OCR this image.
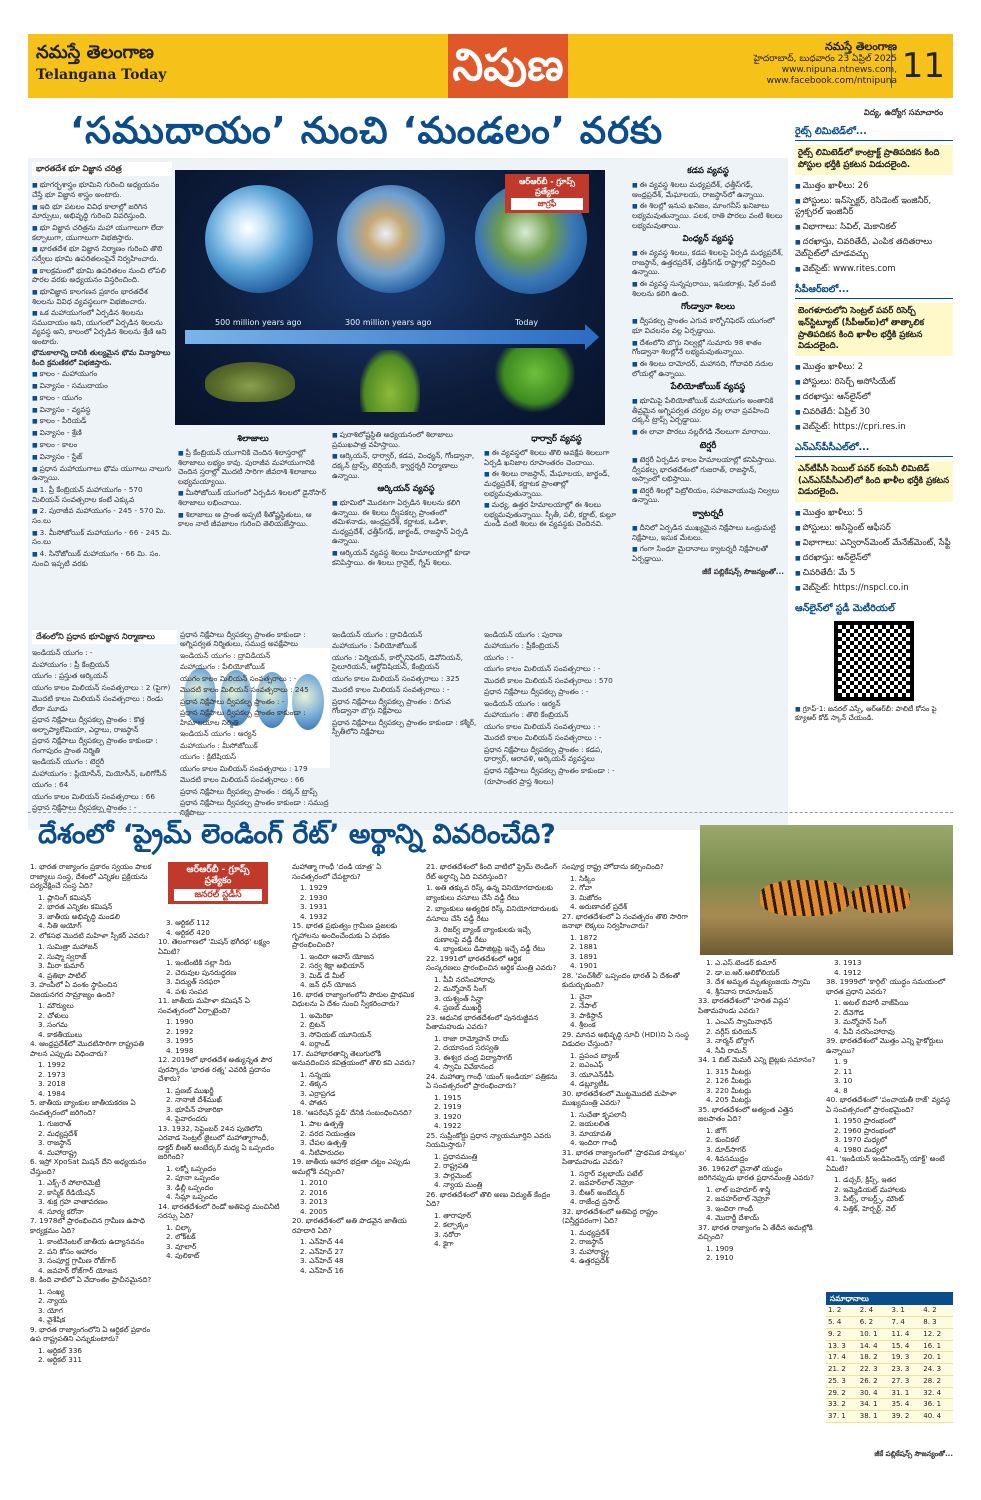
నమస్తే తెలంగాణ
Telangana Today	నిపుణ	నమస్తే తెలంగాణ
హైదరాబాద్, బుధవారం 23 ఏప్రిల్ 2025
www.nipuna.ntnews.com,
www.facebook.com/ntnipuna 11
‘సముదాయం’ నుంచి ‘మండలం’ వరకు
భారతదేశ భూ విజ్ఞాన చరిత్ర

■ భూగర్భశాస్త్రం భూమిని గురించి అధ్యయనం చేస్తే భూ విజ్ఞాన శాస్త్రం అంటారు.

■ ఇది భూ పటలం వివిధ కాలాల్లో జరిగిన మార్పులు, అభివృద్ధి గురించి వివరిస్తుంది.

■ భూ విజ్ఞాన చరిత్రను మహా యుగాలుగా లేదా కల్పాలుగా, యుగాలుగా విభజిస్తారు.

■ భారతదేశ భూ విజ్ఞాన నిర్మాణం గురించి తొలి సర్వేలు భూమి ఉపరితలంపైనే నిర్వహించారు.

■ కాలక్రమంలో భూమి ఉపరితలం నుంచి లోపలి పొరల వరకు అధ్యయనం విస్తరించింది.

■ భూవిజ్ఞాన కాలగణన ప్రకారం భారతదేశ శిలలను వివిధ వ్యవస్థలుగా విభజించారు.

■ ఒక మహాయుగంలో ఏర్పడిన శిలలను సముదాయం అని, యుగంలో ఏర్పడిన శిలలను వ్యవస్థ అని, కాలంలో ఏర్పడిన శిలలను శ్రేణి అని అంటారు.

భౌమకాలాన్ని దానికి తుల్యమైన భౌమ విన్యాసాలు కింది క్రమణికలో విభజిస్తారు.

■ కాలం - మహాయుగం

■ విన్యాసం - సముదాయం

■ కాలం - యుగం

■ విన్యాసం - వ్యవస్థ

■ కాలం - పీరియడ్

■ విన్యాసం - శ్రేణి

■ కాలం - కాలం

■ విన్యాసం - స్టేజ్

■ ప్రధాన మహాయుగాలు భౌమ యుగాలు నాలుగు ఉన్నాయి.

■ 1. ప్రీ కేంబ్రియన్ మహాయుగం - 570 మిలియన్ సంవత్సరాల కంటే ఎక్కువ

■ 2. పురాజీవ మహాయుగం - 245 - 570 మి. సం.లు

■ 3. మీసోజోయిక్ మహాయుగం - 66 - 245 మి. సం.లు

■ 4. సినోజోయిక్ మహాయుగం - 66 మి. సం. నుంచి ఇప్పటి వరకు

500 million years ago	300 million years ago	Today
ఆర్ఆర్‌బీ - గ్రూప్స్ ప్రత్యేకం
జాగ్రఫీ
శిలాజాలు

■ ప్రీ కేంబ్రియన్ యుగానికి చెందిన శిలాస్తరాల్లో శిలాజాలు లభ్యం కావు. పురాజీవ మహాయుగానికి చెందిన స్తరాల్లో మొదటి సారిగా జీవరాశి శిలాజాలు లభ్యమయ్యాయి.

■ మీసోజోయిక్ యుగంలో ఏర్పడిన శిలలలో డైనోసార్ శిలాజాలు లభించాయి.

■ శిలాజాలు ఆ ప్రాంత అప్పటి శీతోష్ణస్థితులు, ఆ కాలం నాటి జీవజాలం గురించి తెలియజేస్తాయి.

■ పురాశిలోష్టస్థితి అధ్యయనంలో శిలాజాలు ప్రముఖపాత్ర వహిస్తాయి.

■ ఆర్కియన్, ధార్వార్, కడప, వింధ్యన్, గోండ్వానా, దక్కన్ ట్రాప్స్, టెర్షియరీ, క్వార్టర్నరీ నిర్మాణాలు ఉన్నాయి.

ఆర్కియన్ వ్యవస్థ

■ భూమిలో మొదటగా ఏర్పడిన శిలలను కలిగి ఉన్నాయి. ఈ శిలలు ద్వీపకల్ప ప్రాంతంలో తమిళనాడు, ఆంధ్రప్రదేశ్, కర్ణాటక, ఒడిశా, మధ్యప్రదేశ్, ఛత్తీస్‌గఢ్, జార్ఖండ్, రాజస్థాన్ ఏర్పడి ఉన్నాయి.

■ ఆర్కియన్ వ్యవస్థ శిలలు హిమాలయాల్లో కూడా కనిపిస్తాయి. ఈ శిలలు గ్రానైట్, గ్నీస్ శిలలు.

ధార్వార్ వ్యవస్థ

■ ఈ వ్యవస్థలో శిలలు తొలి అవక్షేప శిలలుగా ఏర్పడి ఖనిజాల రూపాంతరం చెందాయి.

■ ఈ శిలలు రాజస్థాన్, మేఘాలయ, జార్ఖండ్, మధ్యప్రదేశ్, కర్ణాటక ప్రాంతాల్లో లభ్యమవుతున్నాయి.

■ మధ్య, ఉత్తర హిమాలయాల్లో ఈ శిలలు లభ్యమవుతున్నాయి. స్పీతీ, పలీ, కర్ణాట్, కుల్లూ మండీ వంటి శిలలు ఈ వ్యవస్థకు చెందినవి.

కడప వ్యవస్థ

■ ఈ వ్యవస్థ శిలలు మధ్యప్రదేశ్, ఛత్తీస్‌గఢ్, ఆంధ్రప్రదేశ్, మేఘాలయ, రాజస్థాన్‌లో ఉన్నాయి.

■ ఈ శిలల్లో ఇనుప ఖనిజం, మాంగనీస్ ఖనిజాలు లభ్యమవుతున్నాయి. పలక, రాతి పొరలు వంటి శిలలు లభ్యమవుతాయి.

వింధ్యన్ వ్యవస్థ

■ ఈ వ్యవస్థ శిలలు, కడప శిలలపై ఏర్పడి మధ్యప్రదేశ్, రాజస్థాన్, ఉత్తరప్రదేశ్, ఛత్తీస్‌గఢ్ రాష్ట్రాల్లో విస్తరించి ఉన్నాయి.

■ ఈ వ్యవస్థ సున్నపురాయి, ఇసుకరాళ్లు, షేల్ వంటి శిలలను కలిగి ఉంది.

గోండ్వానా శిలలు

■ ద్వీపకల్ప ప్రాంతం ఎగువ కార్బోనిఫెరస్ యుగంలో భూ విచలనం వల్ల ఏర్పడ్డాయి.

■ దేశంలోని బొగ్గు నిల్వల్లో సుమారు 98 శాతం గోండ్వానా శిలల్లోనే లభ్యమవుతున్నాయి.

■ ఈ శిలలు దామోదర్, మహానది, గోదావరి నదుల లోయల్లో ఉన్నాయి.

పేలియోజోయిక్ వ్యవస్థ

■ భూమిపై పేలియోజోయిక్ మహాయుగం అంతానికి తీవ్రమైన అగ్నిపర్వత చర్యల వల్ల లావా ప్రవహించి దక్కన్ ట్రాప్స్ ఏర్పడ్డాయి.

■ ఈ లావా పొరలు నల్లరేగడి నేలలుగా మారాయి.

టెర్షరీ

■ టెర్షరీ ఏర్పడిన కాలం హిమాలయాల్లో కనిపిస్తాయి. ద్వీపకల్ప భారతదేశంలో గుజరాత్, రాజస్థాన్, అస్సాంలో లభిస్తాయి.

■ టెర్షరీ శిలల్లో పెట్రోలియం, సహజవాయువు నిల్వలు ఉన్నాయి.

క్వాటర్నరీ

■ దీనిలో ఏర్పడిన ముఖ్యమైన నిక్షేపాలు ఒండ్రుమట్టి నిక్షేపాలు, ఇసుక మేటలు.

■ గంగా సింధూ మైదానాలు క్వాటర్నరీ నిక్షేపాలతో ఏర్పడ్డాయి.

జీకే పబ్లికేషన్స్ సౌజన్యంతో...
దేశంలోని ప్రధాన భూవిజ్ఞాన నిర్మాణాలు

ఇండియన్ యుగం : -

మహాయుగం : ప్రీ కేంబ్రియన్

యుగం : ప్రస్తుత ఆర్కియన్

యుగం కాలం మిలియన్ సంవత్సరాలు : 2 (పైగా)

మొదటి కాలం మిలియన్ సంవత్సరాలు : రెండు లేదా మూడు

ప్రధాన నిక్షేపాలు ద్వీపకల్ప ప్రాంతం : కొత్త అల్బాప్యాలేమియా, ఎద్దాలు, రాజస్థాన్

ప్రధాన నిక్షేపాలు ద్వీపకల్ప ప్రాంతం కాకుండా : గంగాపురం ప్రాంత నిర్మితి

ఇండియన్ యుగం : టెర్షరీ

మహాయుగం : ప్లియోసీన్, మియోసీన్, ఒలిగోసీన్

యుగం : 64

యుగం కాలం మిలియన్ సంవత్సరాలు : 66

ప్రధాన నిక్షేపాలు ద్వీపకల్ప ప్రాంతం : -

ప్రధాన నిక్షేపాలు ద్వీపకల్ప ప్రాంతం కాకుండా : అగ్నిపర్వత నిర్మితులు, సముద్ర అవక్షేపాలు

ఇండియన్ యుగం : ద్రావిడియన్

మహాయుగం : పేలియోజోయిక్

యుగం కాలం మిలియన్ సంవత్సరాలు : -

మొదటి కాలం మిలియన్ సంవత్సరాలు : 245

ప్రధాన నిక్షేపాలు ద్వీపకల్ప ప్రాంతం : -

ప్రధాన నిక్షేపాలు ద్వీపకల్ప ప్రాంతం కాకుండా : హిమాలయాల నిర్మితి

ఇండియన్ యుగం : ఆర్యన్

మహాయుగం : మీసోజోయిక్

యుగం : క్రిటేషియస్

యుగం కాలం మిలియన్ సంవత్సరాలు : 179

మొదటి కాలం మిలియన్ సంవత్సరాలు : 66

ప్రధాన నిక్షేపాలు ద్వీపకల్ప ప్రాంతం : దక్కన్ ట్రాప్స్

ప్రధాన నిక్షేపాలు ద్వీపకల్ప ప్రాంతం కాకుండా : సముద్ర నిక్షేపాలు

ఇండియన్ యుగం : ద్రావిడియన్

మహాయుగం : పేలియోజోయిక్

యుగం : పెర్మియన్, కార్బోనిఫెరస్, డెవోనియన్, సైలూరియన్, ఆర్డోవిషియన్, కేంబ్రియన్

యుగం కాలం మిలియన్ సంవత్సరాలు : 325

మొదటి కాలం మిలియన్ సంవత్సరాలు : -

ప్రధాన నిక్షేపాలు ద్వీపకల్ప ప్రాంతం : దిగువ గోండ్వానా బొగ్గు నిక్షేపాలు

ప్రధాన నిక్షేపాలు ద్వీపకల్ప ప్రాంతం కాకుండా : కశ్మీర్, స్పీతీలోని నిక్షేపాలు

ఇండియన్ యుగం : పురాణ

మహాయుగం : ప్రీకేంబ్రియన్

యుగం : -

యుగం కాలం మిలియన్ సంవత్సరాలు : -

మొదటి కాలం మిలియన్ సంవత్సరాలు : 570

ప్రధాన నిక్షేపాలు ద్వీపకల్ప ప్రాంతం : -

ఇండియన్ యుగం : ఆర్యన్

మహాయుగం : తొలి కేంబ్రియన్

యుగం కాలం మిలియన్ సంవత్సరాలు : -

మొదటి కాలం మిలియన్ సంవత్సరాలు : -

ప్రధాన నిక్షేపాలు ద్వీపకల్ప ప్రాంతం : కడప, ధార్వార్, ఆరావళి, అర్కియన్ వ్యవస్థలు

ప్రధాన నిక్షేపాలు ద్వీపకల్ప ప్రాంతం కాకుండా : -

(రూపాంతర ప్రాప్త శిలలు)

విద్య, ఉద్యోగ సమాచారం
రైట్స్ లిమిటెడ్‌లో...
రైట్స్ లిమిటెడ్‌లో కాంట్రాక్ట్ ప్రాతిపదికన కింది పోస్టుల భర్తీకి ప్రకటన విడుదలైంది.
■ మొత్తం ఖాళీలు: 26
■ పోస్టులు: ఇన్‌స్పెక్టర్, రెసిడెంట్ ఇంజినీర్, స్ట్రక్చరల్ ఇంజినీర్
■ విభాగాలు: సివిల్, మెకానికల్
■ దరఖాస్తు, చివరితేదీ, ఎంపిక తదితరాలు వెబ్‌సైట్‌లో చూడవచ్చు
■ వెబ్‌సైట్: www.rites.com
సీపీఆర్‌ఐలో...
బెంగళూరులోని సెంట్రల్ పవర్ రిసెర్చ్ ఇన్‌స్టిట్యూట్ (సీపీఆర్‌ఐ)లో తాత్కాలిక ప్రాతిపదికన కింది ఖాళీల భర్తీకి ప్రకటన విడుదలైంది.
■ మొత్తం ఖాళీలు: 2
■ పోస్టులు: రిసెర్చ్ అసోసియేట్
■ దరఖాస్తు: ఆన్‌లైన్‌లో
■ చివరితేదీ: ఏప్రిల్ 30
■ వెబ్‌సైట్: https://cpri.res.in
ఎన్‌ఎస్‌పీసీఎల్‌లో...
ఎన్‌టీపీసీ సెయిల్ పవర్ కంపెనీ లిమిటెడ్ (ఎన్‌ఎస్‌పీసీఎల్)లో కింది ఖాళీల భర్తీకి ప్రకటన విడుదలైంది.
■ మొత్తం ఖాళీలు: 5
■ పోస్టులు: అసిస్టెంట్ ఆఫీసర్
■ విభాగాలు: ఎన్విరాన్‌మెంట్ మేనేజ్‌మెంట్, సేఫ్టీ
■ దరఖాస్తు: ఆన్‌లైన్‌లో
■ చివరితేదీ: మే 5
■ వెబ్‌సైట్: https://nspcl.co.in
ఆన్‌లైన్‌లో స్టడీ మెటీరియల్
■ గ్రూప్-1: జనరల్ ఎస్సే, ఆర్ఆర్‌బీ: పాలిటీ కోసం పై క్యూఆర్ కోడ్ స్కాన్ చేయండి.
దేశంలో ‘ప్రైమ్ లెండింగ్ రేట్’ అర్థాన్ని వివరించేది?
1. భారత రాజ్యాంగం ప్రకారం స్వయం పాలక రాజ్యాలు సంస్థ, దేశంలో ఎన్నికల ప్రక్రియను పర్యవేక్షించే సంస్థ ఏది?
1. ప్లానింగ్ కమిషన్
2. భారత ఎన్నికల కమిషన్
3. జాతీయ అభివృద్ధి మండలి
4. నీతి ఆయోగ్
2. లోకసభ మొదటి మహిళా స్పీకర్ ఎవరు?
1. సుమిత్రా మహాజన్
2. సుష్మా స్వరాజ్
3. మీరా కుమార్
4. ప్రతిభా పాటిల్
3. హంపీలో ఏ వంశం స్థాపించిన విజయనగర సామ్రాజ్యం ఉంది?
1. మౌర్యులు
2. చోళులు
3. సంగమ
4. కాకతీయులు
4. ఆంధ్రప్రదేశ్‌లో మొదటిసారిగా రాష్ట్రపతి పాలన ఎప్పుడు విధించారు?
1. 1992
2. 1973
3. 2018
4. 1984
5. జాతీయ బ్యాంకుల జాతీయకరణ ఏ సంవత్సరంలో జరిగింది?
1. గుజరాత్
2. మధ్యప్రదేశ్
3. రాజస్థాన్
4. మహారాష్ట్ర
6. ఇస్రో XpoSat మిషన్ దేని అధ్యయనం చేస్తుంది?
1. ఎక్స్-రే పోలారిమెట్రీ
2. కాస్మిక్ రేడియేషన్
3. శుక్ర గ్రహ వాతావరణం
4. సూర్య కరోనా
7. 1978లో ప్రారంభించిన గ్రామీణ ఉపాధి కార్యక్రమం ఏది?
1. కాంటినెంటల్ జాతీయ ఉద్యానవనం
2. పని కోసం ఆహారం
3. సంపూర్ణ గ్రామీణ రోజ్‌గార్
4. జవహర్ రోజ్‌గార్ యోజన
8. కింది వాటిలో ఏ వేదాంతం ప్రాచీనమైనది?
1. సంఖ్య
2. న్యాయ
3. యోగ
4. వైశేషిక
9. భారత రాజ్యాంగంలోని ఏ ఆర్టికల్ ప్రకారం ఉప రాష్ట్రపతిని ఎన్నుకుంటారు?
1. ఆర్టికల్ 336
2. ఆర్టికల్ 311
ఆర్ఆర్‌బీ - గ్రూప్స్ ప్రత్యేకం
జనరల్ స్టడీస్
3. ఆర్టికల్ 112
4. ఆర్టికల్ 420
10. తెలంగాణలో 'మిషన్ భగీరథ' లక్ష్యం ఏమిటి?
1. ఇంటింటికి నల్లా నీరు
2. చెరువుల పునరుద్ధరణ
3. విద్యుత్ సరఫరా
4. పశు సంపద
11. జాతీయ మహిళా కమిషన్ ఏ సంవత్సరంలో ఏర్పాటైంది?
1. 1990
2. 1992
3. 1995
4. 1998
12. 2019లో భారతదేశ అత్యున్నత పౌర పురస్కారం 'భారత రత్న' ఎవరికి ప్రదానం చేశారు?
1. ప్రణబ్ ముఖర్జీ
2. నానాజీ దేశ్‌ముఖ్
3. భూపేన్ హజారికా
4. పైవారందరు
13. 1932, సెప్టెంబర్ 24న పుణెలోని ఎరవాడ సెంట్రల్ జైలులో మహాత్మాగాంధీ, డాక్టర్ బీఆర్ అంబేద్కర్ మధ్య ఏ ఒప్పందం జరిగింది?
1. లక్నో ఒప్పందం
2. పూనా ఒప్పందం
3. ఢిల్లీ ఒప్పందం
4. సిమ్లా ఒప్పందం
14. భారతదేశంలో రెండో అతిపెద్ద మంచినీటి సరస్సు ఏది?
1. చిల్కా
2. లోక్‌టక్
3. వూలార్
4. పులికాట్
మహాత్మా గాంధీ 'దండి యాత్ర' ఏ సంవత్సరంలో చేపట్టారు?
1. 1929
2. 1930
3. 1931
4. 1932
15. భారత ప్రభుత్వం గ్రామీణ ప్రజలకు గృహాలను అందించేందుకు ఏ పథకం ప్రారంభించింది?
1. ఇందిరా ఆవాస్ యోజన
2. సర్వ శిక్షా అభియాన్
3. మిడ్ డే మీల్
4. జన్ ధన్ యోజన
16. భారత రాజ్యాంగంలోని పౌరుల ప్రాథమిక విధులను ఏ దేశం నుంచి స్వీకరించారు?
1. అమెరికా
2. బ్రిటన్
3. సోవియట్ యూనియన్
4. ఐర్లాండ్
17. మహాభారతాన్ని తెలుగులోకి అనువదించిన కవిత్రయంలో తొలి కవి ఎవరు?
1. నన్నయ
2. తిక్కన
3. ఎర్రాప్రగడ
4. పోతన
18. 'ఆపరేషన్ ఫ్లడ్' దేనికి సంబంధించినది?
1. పాల ఉత్పత్తి
2. వరద నియంత్రణ
3. చేపల ఉత్పత్తి
4. నీటిపారుదల
19. జాతీయ ఆహార భద్రతా చట్టం ఎప్పుడు అమల్లోకి వచ్చింది?
1. 2010
2. 2016
3. 2013
4. 2005
20. భారతదేశంలో అతి పొడవైన జాతీయ రహదారి ఏది?
1. ఎన్‌హెచ్ 44
2. ఎన్‌హెచ్ 27
3. ఎన్‌హెచ్ 48
4. ఎన్‌హెచ్ 16
21. భారతదేశంలో కింది వాటిలో ప్రైమ్ లెండింగ్ రేట్ అర్థాన్ని ఏది వివరిస్తుంది?
1. అతి తక్కువ రిస్క్ ఉన్న వినియోగదారులకు బ్యాంకులు వసూలు చేసే వడ్డీ రేటు
2. బ్యాంకులు అత్యధిక రిస్క్ వినియోగదారులకు వసూలు చేసే వడ్డీ రేటు
3. రిజర్వ్ బ్యాంక్ బ్యాంకులకు ఇచ్చే రుణాలపై వడ్డీ రేటు
4. బ్యాంకులు డిపాజిట్లపై ఇచ్చే వడ్డీ రేటు
22. 1991లో భారతదేశంలో ఆర్థిక సంస్కరణలు ప్రారంభించిన ఆర్థిక మంత్రి ఎవరు?
1. పీవీ నరసింహారావు
2. మన్మోహన్ సింగ్
3. యశ్వంత్ సిన్హా
4. ప్రణబ్ ముఖర్జీ
23. ఆధునిక భారతదేశంలో పునరుజ్జీవన పితామహుడు ఎవరు?
1. రాజా రామ్మోహన్ రాయ్
2. దయానంద సరస్వతి
3. ఈశ్వర చంద్ర విద్యాసాగర్
4. స్వామి వివేకానంద
24. మహాత్మా గాంధీ 'యంగ్ ఇండియా' పత్రికను ఏ సంవత్సరంలో ప్రారంభించారు?
1. 1915
2. 1919
3. 1920
4. 1922
25. సుప్రీంకోర్టు ప్రధాన న్యాయమూర్తిని ఎవరు నియమిస్తారు?
1. ప్రధానమంత్రి
2. రాష్ట్రపతి
3. పార్లమెంట్
4. న్యాయ మంత్రి
26. భారతదేశంలో తొలి అణు విద్యుత్ కేంద్రం ఏది?
1. తారాపూర్
2. కల్పాక్కం
3. నరోరా
4. కైగా
సంపూర్ణ రాష్ట్ర హోదాను కల్పించింది?
1. సిక్కిం
2. గోవా
3. మిజోరం
4. అరుణాచల్ ప్రదేశ్
27. భారతదేశంలో ఏ సంవత్సరం తొలి సారిగా జనాభా లెక్కలు నిర్వహించారు?
1. 1872
2. 1881
3. 1891
4. 1901
28. 'పంచ్‌శీల్' ఒప్పందం భారత్ ఏ దేశంతో కుదుర్చుకుంది?
1. చైనా
2. నేపాల్
3. పాకిస్థాన్
4. శ్రీలంక
29. మానవ అభివృద్ధి సూచీ (HDI)ని ఏ సంస్థ విడుదల చేస్తుంది?
1. ప్రపంచ బ్యాంక్
2. ఐఎంఎఫ్
3. యూఎన్‌డీపీ
4. డబ్ల్యూటీఓ
30. భారతదేశంలో మొట్టమొదటి మహిళా ముఖ్యమంత్రి ఎవరు?
1. సుచేతా కృపలానీ
2. జయలలిత
3. మాయావతి
4. ఇందిరా గాంధీ
31. భారత రాజ్యాంగంలో 'ప్రాథమిక హక్కుల' పితామహుడు ఎవరు?
1. సర్దార్ వల్లభాయ్ పటేల్
2. జవహర్‌లాల్ నెహ్రూ
3. బీఆర్ అంబేద్కర్
4. రాజేంద్ర ప్రసాద్
32. భారతదేశంలో అతిపెద్ద రాష్ట్రం (విస్తీర్ణపరంగా) ఏది?
1. మధ్యప్రదేశ్
2. రాజస్థాన్
3. మహారాష్ట్ర
4. ఉత్తరప్రదేశ్
1. ఎ.ఎస్.టెండర్ కుమార్
2. డా.ఐ.ఆర్.అలికోలియర్
3. దేశ అమృత మృత్యుంజయ స్వామి
4. శ్రీనివాస రామానుజన్
33. భారతదేశంలో 'హరిత విప్లవ' పితామహుడు ఎవరు?
1. ఎంఎస్ స్వామినాథన్
2. వర్గీస్ కురియన్
3. నార్మన్ బోర్లాగ్
4. సీవీ రామన్
34. 1 బిట్ మెమరీ ఎన్ని బైట్లకు సమానం?
1. 315 మీటర్లు
2. 126 మీటర్లు
3. 220 మీటర్లు
4. 205 మీటర్లు
35. భారతదేశంలో అత్యంత ఎత్తైన జలపాతం ఏది?
1. జోగ్
2. కుంచికల్
3. దూద్‌సాగర్
4. శివసముద్రం
36. 1962లో చైనాతో యుద్ధం జరిగినప్పుడు భారత ప్రధానమంత్రి ఎవరు?
1. లాల్ బహదూర్ శాస్త్రి
2. జవహర్‌లాల్ నెహ్రూ
3. ఇందిరా గాంధీ
4. మొరార్జీ దేశాయ్
37. భారత రాజ్యాంగం ఏ తేదీన అమల్లోకి వచ్చింది?
1. 1909
2. 1910
3. 1913
4. 1912
38. 1999లో 'కార్గిల్' యుద్ధం సమయంలో భారత ప్రధాని ఎవరు?
1. అటల్ బిహారీ వాజ్‌పేయి
2. దేవెగౌడ
3. మన్మోహన్ సింగ్
4. పీవీ నరసింహారావు
39. భారతదేశంలో మొత్తం ఎన్ని హైకోర్టులు ఉన్నాయి?
1. 9
2. 11
3. 10
4. 8
40. భారతదేశంలో 'పంచాయతీ రాజ్' వ్యవస్థ ఏ సంవత్సరంలో ప్రారంభమైంది?
1. 1950 ప్రారంభంలో
2. 1960 ప్రారంభంలో
3. 1970 మధ్యలో
4. 1980 మధ్యలో
41. 'ఇండియన్ ఇండిపెండెన్స్ యాక్ట్' అంటే ఏమిటి?
1. డచ్చర్, క్రిప్స్, ఇతర
2. ఇమ్మెడియట్ మహాలకు
3. పిట్స్, రాబర్ట్స్, మౌంట్
4. పెత్తిక్, హెర్బర్ట్, వెల్
సమాధానాలు
1. 2	2. 4	3. 1	4. 2
5. 4	6. 2	7. 4	8. 3
9. 2	10. 1	11. 4	12. 2
13. 3	14. 4	15. 4	16. 1
17. 4	18. 2	19. 3	20. 1
21. 2	22. 3	23. 3	24. 3
25. 3	26. 2	27. 3	28. 2
29. 2	30. 4	31. 1	32. 4
33. 2	34. 1	35. 4	36. 1
37. 1	38. 1	39. 2	40. 4
జీకే పబ్లికేషన్స్ సౌజన్యంతో...
